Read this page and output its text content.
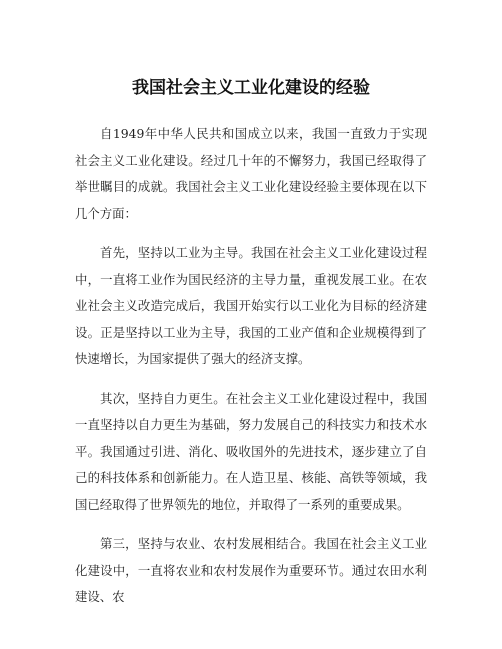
我国社会主义工业化建设的经验

自1949年中华人民共和国成立以来，我国一直致力于实现社会主义工业化建设。经过几十年的不懈努力，我国已经取得了举世瞩目的成就。我国社会主义工业化建设经验主要体现在以下几个方面：

首先，坚持以工业为主导。我国在社会主义工业化建设过程中，一直将工业作为国民经济的主导力量，重视发展工业。在农业社会主义改造完成后，我国开始实行以工业化为目标的经济建设。正是坚持以工业为主导，我国的工业产值和企业规模得到了快速增长，为国家提供了强大的经济支撑。

其次，坚持自力更生。在社会主义工业化建设过程中，我国一直坚持以自力更生为基础，努力发展自己的科技实力和技术水平。我国通过引进、消化、吸收国外的先进技术，逐步建立了自己的科技体系和创新能力。在人造卫星、核能、高铁等领域，我国已经取得了世界领先的地位，并取得了一系列的重要成果。

第三，坚持与农业、农村发展相结合。我国在社会主义工业化建设中，一直将农业和农村发展作为重要环节。通过农田水利建设、农
